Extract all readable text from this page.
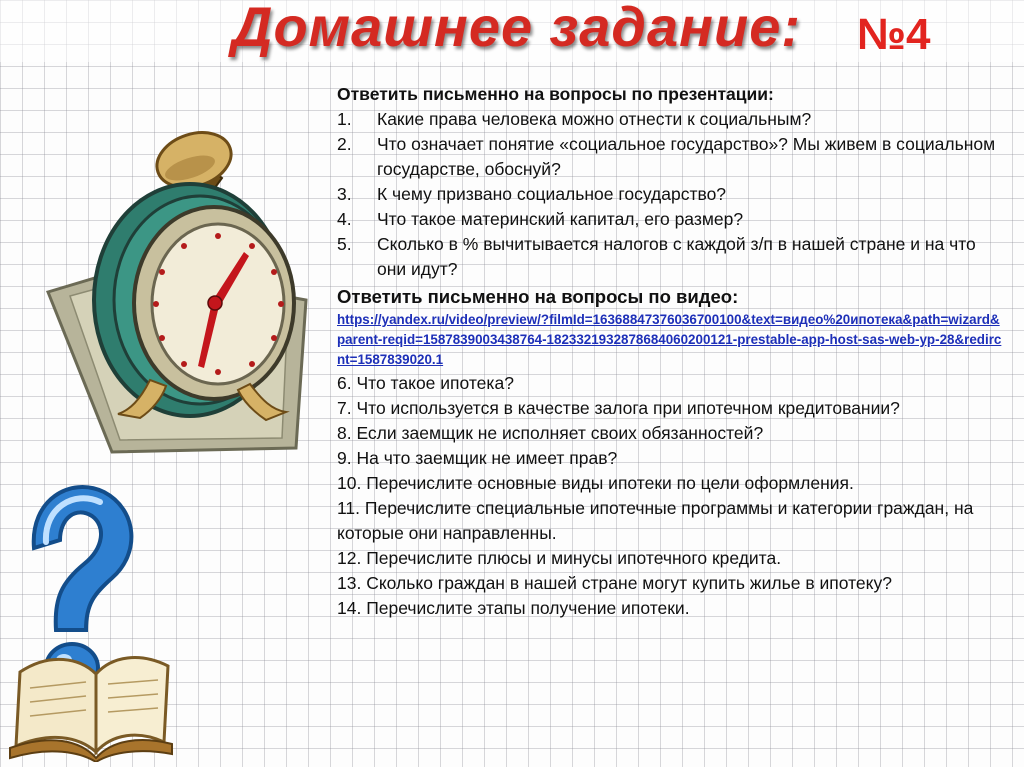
Домашнее задание: №4
Ответить письменно на вопросы по презентации:
1. Какие права человека можно отнести к социальным?
2. Что означает понятие «социальное государство»? Мы живем в социальном государстве, обоснуй?
3. К чему призвано социальное государство?
4. Что такое материнский капитал, его размер?
5. Сколько в % вычитывается налогов с каждой з/п в нашей стране и на что они идут?
Ответить письменно на вопросы по видео:
https://yandex.ru/video/preview/?filmId=16368847376036700100&text=видео%20ипотека&path=wizard&parent-reqid=1587839003438764-1823321932878684060200121-prestable-app-host-sas-web-yp-28&redircnt=1587839020.1
6. Что такое ипотека?
7. Что используется в качестве залога при ипотечном кредитовании?
8. Если заемщик не исполняет своих обязанностей?
9. На что заемщик не имеет прав?
10. Перечислите основные виды ипотеки по цели оформления.
11. Перечислите специальные ипотечные программы и категории граждан, на которые они направленны.
12. Перечислите плюсы и минусы ипотечного кредита.
13. Сколько граждан в нашей стране могут купить жилье в ипотеку?
14. Перечислите этапы получение ипотеки.
